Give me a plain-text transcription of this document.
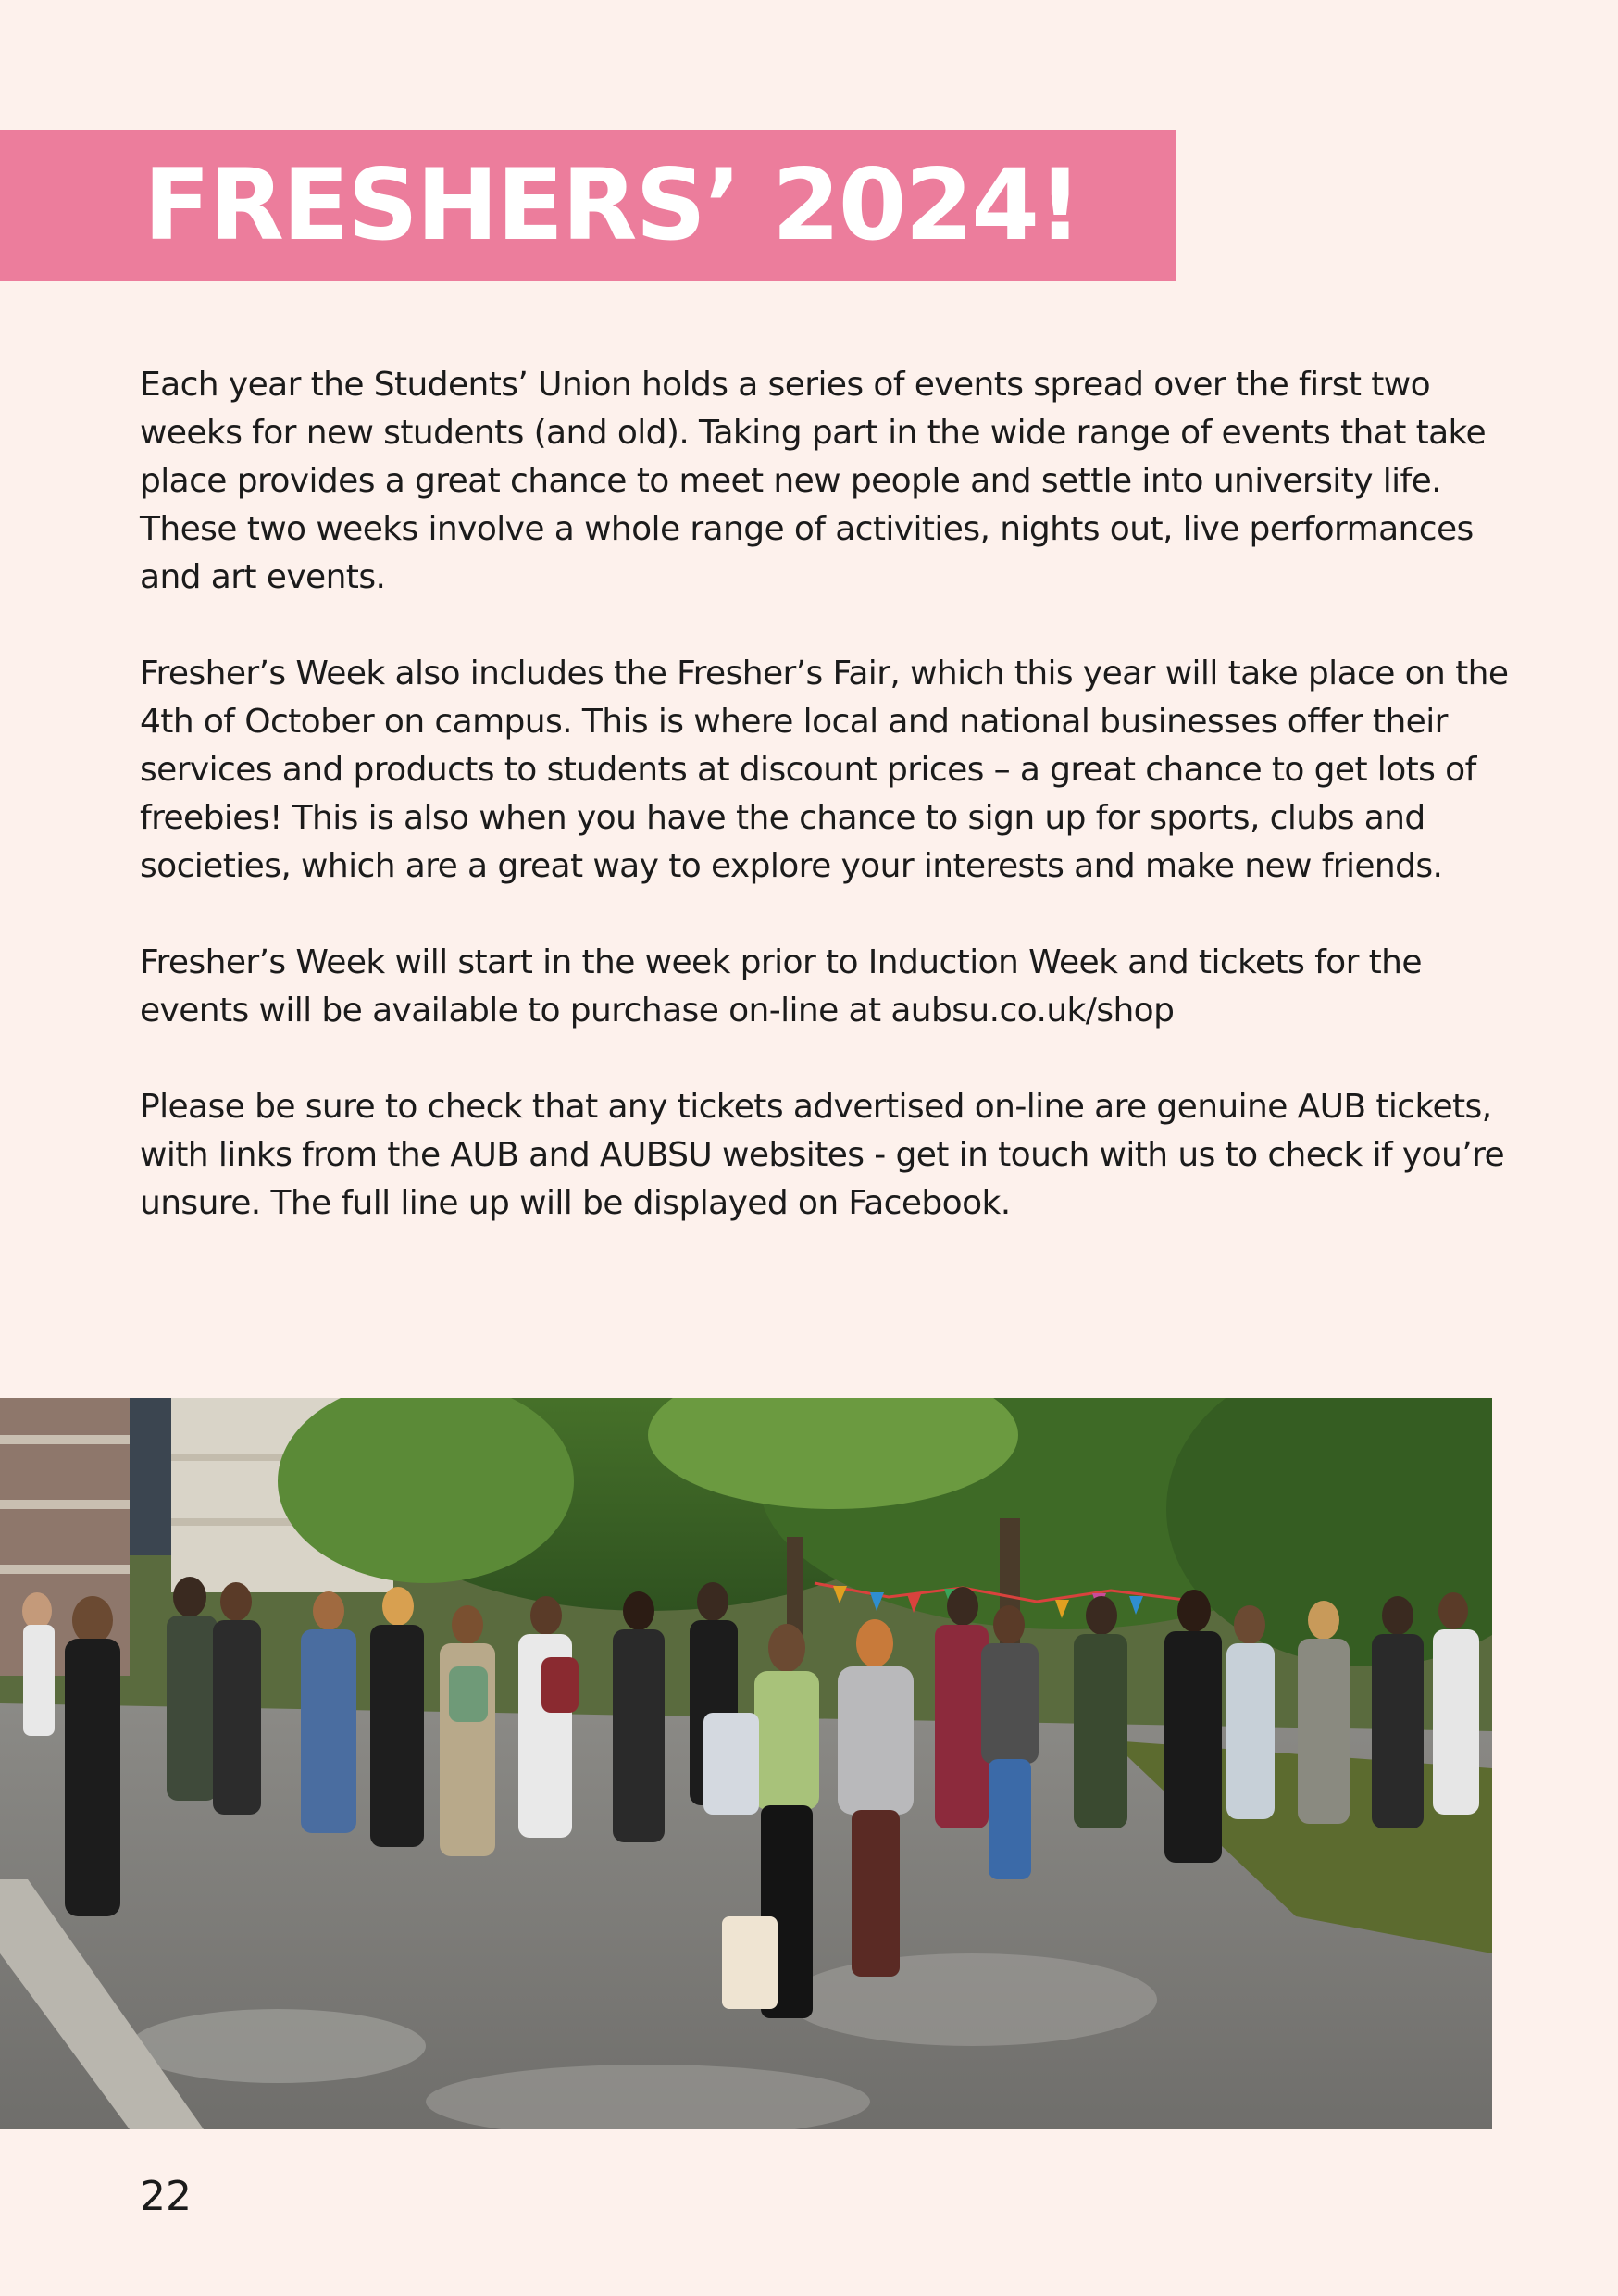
FRESHERS’ 2024!

Each year the Students’ Union holds a series of events spread over the first two weeks for new students (and old). Taking part in the wide range of events that take place provides a great chance to meet new people and settle into university life. These two weeks involve a whole range of activities, nights out, live performances and art events.

Fresher’s Week also includes the Fresher’s Fair, which this year will take place on the 4th of October on campus. This is where local and national businesses offer their services and products to students at discount prices – a great chance to get lots of freebies! This is also when you have the chance to sign up for sports, clubs and societies, which are a great way to explore your interests and make new friends.

Fresher’s Week will start in the week prior to Induction Week and tickets for the events will be available to purchase on-line at aubsu.co.uk/shop

Please be sure to check that any tickets advertised on-line are genuine AUB tickets, with links from the AUB and AUBSU websites - get in touch with us to check if you’re unsure. The full line up will be displayed on Facebook.

22
